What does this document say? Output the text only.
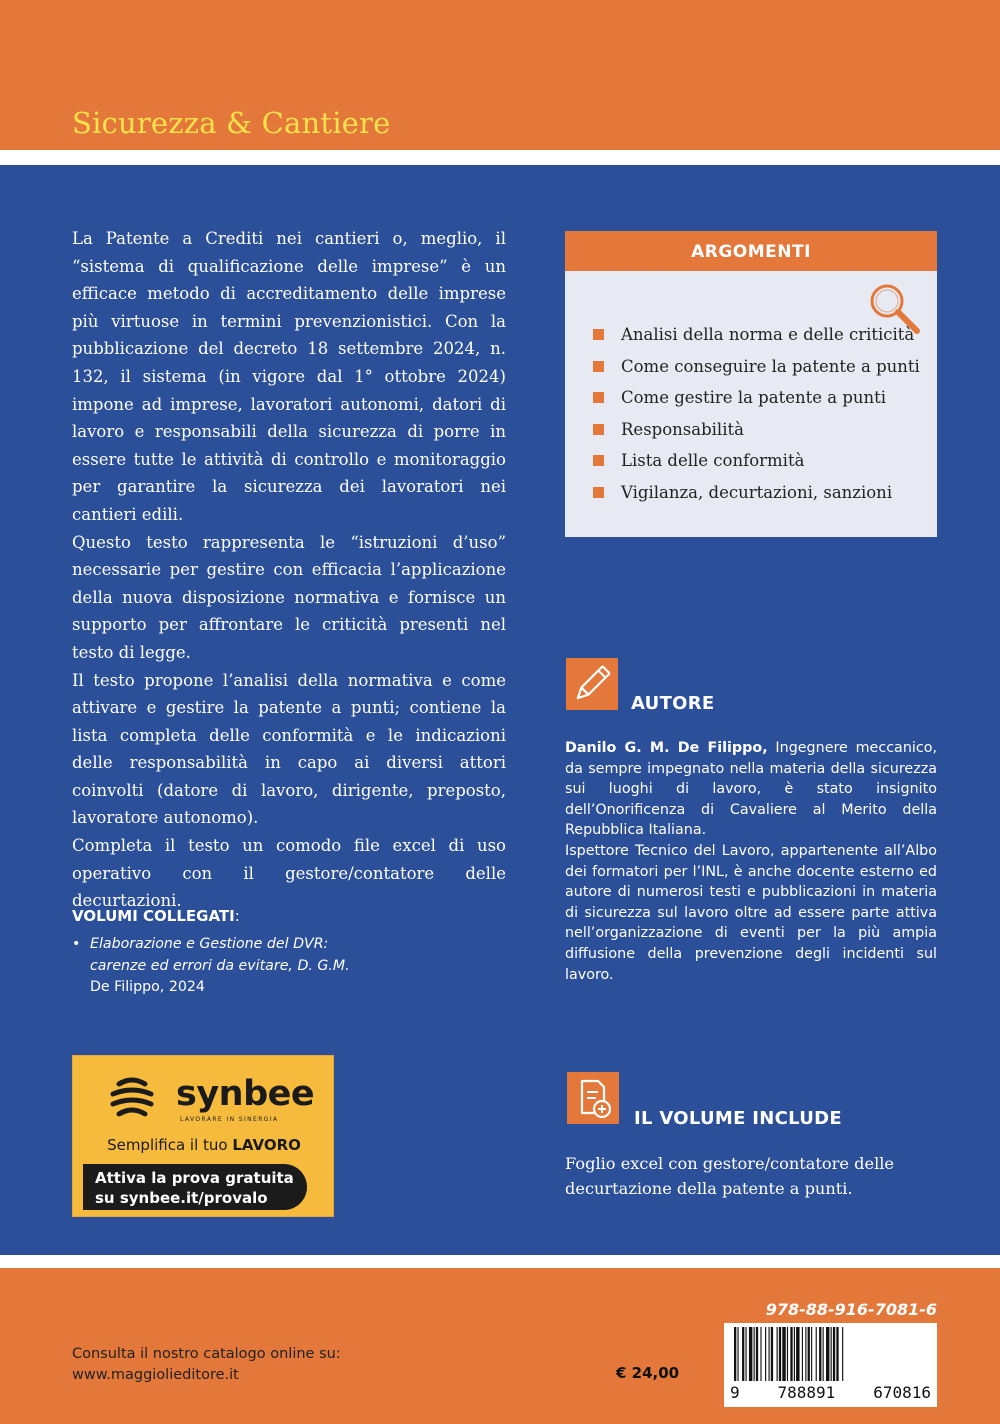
Sicurezza & Cantiere

La Patente a Crediti nei cantieri o, meglio, il “sistema di qualificazione delle imprese” è un efficace metodo di accreditamento delle imprese più virtuose in termini prevenzionistici. Con la pubblicazione del decreto 18 settembre 2024, n. 132, il sistema (in vigore dal 1° ottobre 2024) impone ad imprese, lavoratori autonomi, datori di lavoro e responsabili della sicurezza di porre in essere tutte le attività di controllo e monitoraggio per garantire la sicurezza dei lavoratori nei cantieri edili.

Questo testo rappresenta le “istruzioni d’uso” necessarie per gestire con efficacia l’applicazione della nuova disposizione normativa e fornisce un supporto per affrontare le criticità presenti nel testo di legge.

Il testo propone l’analisi della normativa e come attivare e gestire la patente a punti; contiene la lista completa delle conformità e le indicazioni delle responsabilità in capo ai diversi attori coinvolti (datore di lavoro, dirigente, preposto, lavoratore autonomo).

Completa il testo un comodo file excel di uso operativo con il gestore/contatore delle decurtazioni.

ARGOMENTI
Analisi della norma e delle criticità
Come conseguire la patente a punti
Come gestire la patente a punti
Responsabilità
Lista delle conformità
Vigilanza, decurtazioni, sanzioni
AUTORE

Danilo G. M. De Filippo, Ingegnere meccanico, da sempre impegnato nella materia della sicurezza sui luoghi di lavoro, è stato insignito dell’Onorificenza di Cavaliere al Merito della Repubblica Italiana.

Ispettore Tecnico del Lavoro, appartenente all’Albo dei formatori per l’INL, è anche docente esterno ed autore di numerosi testi e pubblicazioni in materia di sicurezza sul lavoro oltre ad essere parte attiva nell’organizzazione di eventi per la più ampia diffusione della prevenzione degli incidenti sul lavoro.

VOLUMI COLLEGATI:
• Elaborazione e Gestione del DVR: carenze ed errori da evitare, D. G.M. De Filippo, 2024
synbee
LAVORARE IN SINERGIA
Semplifica il tuo LAVORO
Attiva la prova gratuita
su synbee.it/provalo
IL VOLUME INCLUDE
Foglio excel con gestore/contatore delle decurtazione della patente a punti.
Consulta il nostro catalogo online su:
www.maggiolieditore.it	€ 24,00
978-88-916-7081-6
9 788891 670816
